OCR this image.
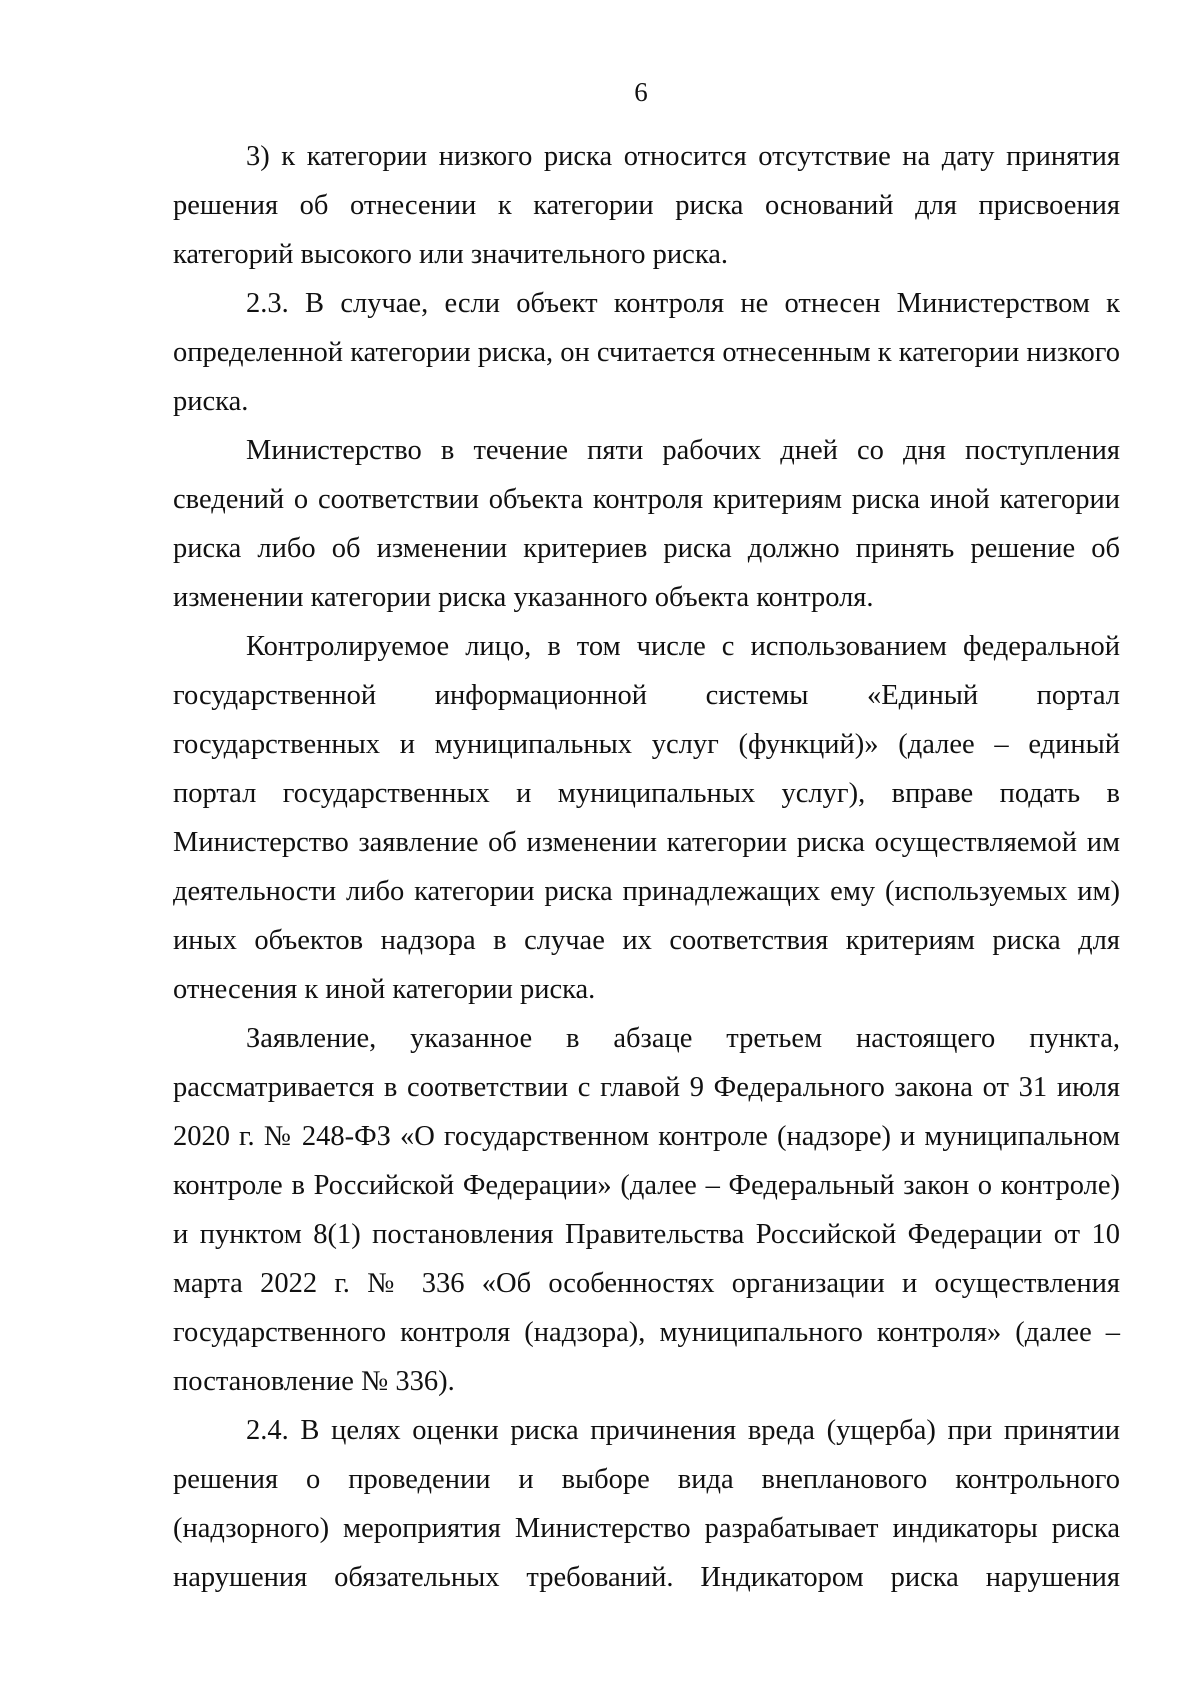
6

3) к категории низкого риска относится отсутствие на дату принятия решения об отнесении к категории риска оснований для присвоения категорий высокого или значительного риска.

2.3. В случае, если объект контроля не отнесен Министерством к определенной категории риска, он считается отнесенным к категории низкого риска.

Министерство в течение пяти рабочих дней со дня поступления сведений о соответствии объекта контроля критериям риска иной категории риска либо об изменении критериев риска должно принять решение об изменении категории риска указанного объекта контроля.

Контролируемое лицо, в том числе с использованием федеральной государственной информационной системы «Единый портал государственных и муниципальных услуг (функций)» (далее – единый портал государственных и муниципальных услуг), вправе подать в Министерство заявление об изменении категории риска осуществляемой им деятельности либо категории риска принадлежащих ему (используемых им) иных объектов надзора в случае их соответствия критериям риска для отнесения к иной категории риска.

Заявление, указанное в абзаце третьем настоящего пункта, рассматривается в соответствии с главой 9 Федерального закона от 31 июля 2020 г. № 248-ФЗ «О государственном контроле (надзоре) и муниципальном контроле в Российской Федерации» (далее – Федеральный закон о контроле) и пунктом 8(1) постановления Правительства Российской Федерации от 10 марта 2022 г. № 336 «Об особенностях организации и осуществления государственного контроля (надзора), муниципального контроля» (далее – постановление № 336).

2.4. В целях оценки риска причинения вреда (ущерба) при принятии решения о проведении и выборе вида внепланового контрольного (надзорного) мероприятия Министерство разрабатывает индикаторы риска нарушения обязательных требований. Индикатором риска нарушения
